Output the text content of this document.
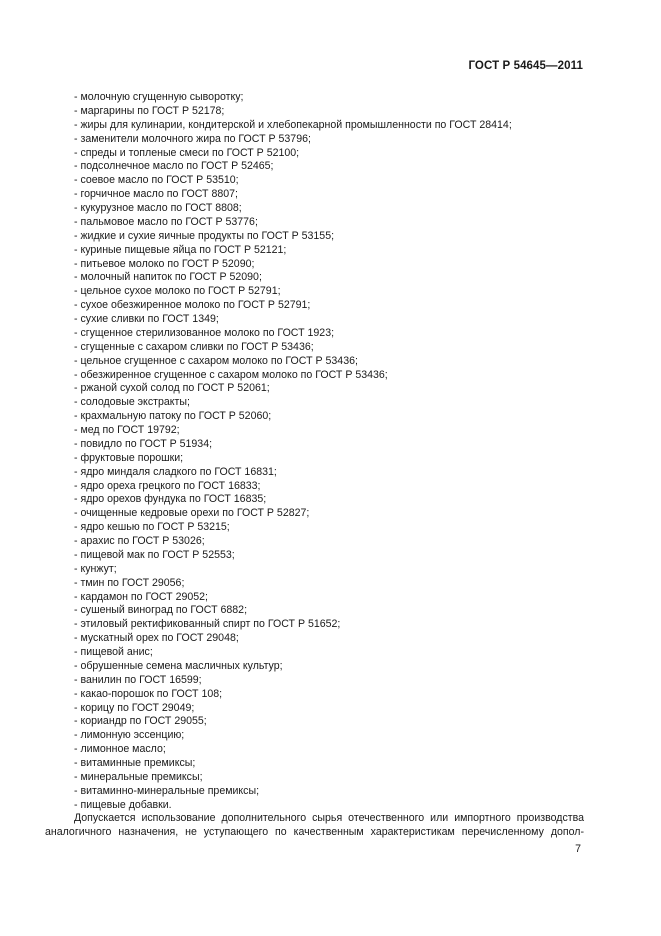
ГОСТ Р 54645—2011
- молочную сгущенную сыворотку;
- маргарины по ГОСТ Р 52178;
- жиры для кулинарии, кондитерской и хлебопекарной промышленности по ГОСТ 28414;
- заменители молочного жира по ГОСТ Р 53796;
- спреды и топленые смеси по ГОСТ Р 52100;
- подсолнечное масло по ГОСТ Р 52465;
- соевое масло по ГОСТ Р 53510;
- горчичное масло по ГОСТ 8807;
- кукурузное масло по ГОСТ 8808;
- пальмовое масло по ГОСТ Р 53776;
- жидкие и сухие яичные продукты по ГОСТ Р 53155;
- куриные пищевые яйца по ГОСТ Р 52121;
- питьевое молоко по ГОСТ Р 52090;
- молочный напиток по ГОСТ Р 52090;
- цельное сухое молоко по ГОСТ Р 52791;
- сухое обезжиренное молоко по ГОСТ Р 52791;
- сухие сливки по ГОСТ 1349;
- сгущенное стерилизованное молоко по ГОСТ 1923;
- сгущенные с сахаром сливки по ГОСТ Р 53436;
- цельное сгущенное с сахаром молоко по ГОСТ Р 53436;
- обезжиренное сгущенное с сахаром молоко по ГОСТ Р 53436;
- ржаной сухой солод по ГОСТ Р 52061;
- солодовые экстракты;
- крахмальную патоку по ГОСТ Р 52060;
- мед по ГОСТ 19792;
- повидло по ГОСТ Р 51934;
- фруктовые порошки;
- ядро миндаля сладкого по ГОСТ 16831;
- ядро ореха грецкого по ГОСТ 16833;
- ядро орехов фундука по ГОСТ 16835;
- очищенные кедровые орехи по ГОСТ Р 52827;
- ядро кешью по ГОСТ Р 53215;
- арахис по ГОСТ Р 53026;
- пищевой мак по ГОСТ Р 52553;
- кунжут;
- тмин по ГОСТ 29056;
- кардамон по ГОСТ 29052;
- сушеный виноград по ГОСТ 6882;
- этиловый ректификованный спирт по ГОСТ Р 51652;
- мускатный орех по ГОСТ 29048;
- пищевой анис;
- обрушенные семена масличных культур;
- ванилин по ГОСТ 16599;
- какао-порошок по ГОСТ 108;
- корицу по ГОСТ 29049;
- кориандр по ГОСТ 29055;
- лимонную эссенцию;
- лимонное масло;
- витаминные премиксы;
- минеральные премиксы;
- витаминно-минеральные премиксы;
- пищевые добавки.

Допускается использование дополнительного сырья отечественного или импортного производства
аналогичного назначения, не уступающего по качественным характеристикам перечисленному допол-

7
